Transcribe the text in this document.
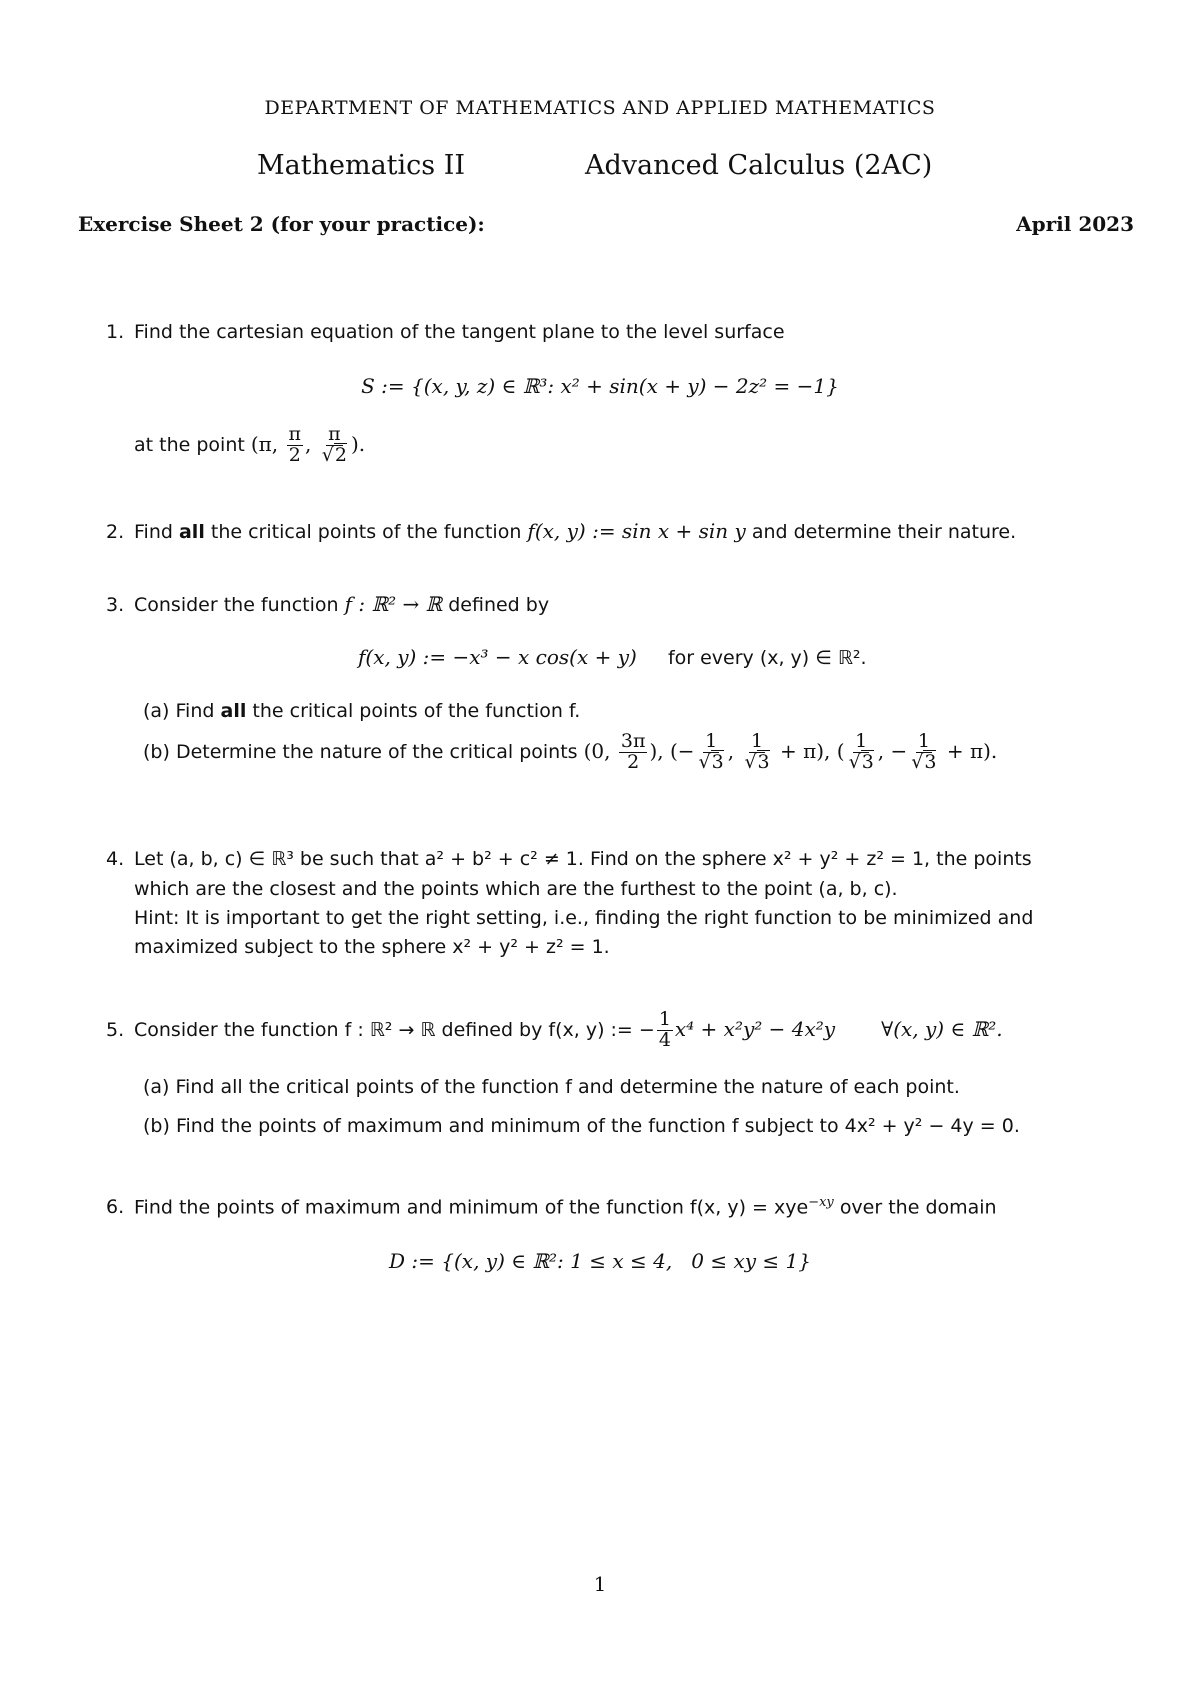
DEPARTMENT OF MATHEMATICS AND APPLIED MATHEMATICS
Mathematics II	Advanced Calculus (2AC)
Exercise Sheet 2 (for your practice):	April 2023
1. Find the cartesian equation of the tangent plane to the level surface
S := {(x, y, z) ∈ ℝ³: x² + sin(x + y) − 2z² = −1}
at the point (π, $\frac{\pi}{2}$ , $\frac{\pi}{√2}$ ).
2. Find all the critical points of the function f(x, y) := sin x + sin y and determine their nature.
3. Consider the function f : ℝ² → ℝ defined by
f(x, y) := −x³ − x cos(x + y) for every (x, y) ∈ ℝ².
(a) Find all the critical points of the function f.
(b) Determine the nature of the critical points (0, $\frac{3\pi}{2}$ ), (− $\frac{1}{√3}$ , $\frac{1}{√3} + \pi$), ( $\frac{1}{√3}$ , − $\frac{1}{√3} + \pi$).
4. Let (a, b, c) ∈ ℝ³ be such that a² + b² + c² ≠ 1. Find on the sphere x² + y² + z² = 1, the points
which are the closest and the points which are the furthest to the point (a, b, c).
Hint: It is important to get the right setting, i.e., finding the right function to be minimized and
maximized subject to the sphere x² + y² + z² = 1.
5. Consider the function f : ℝ² → ℝ defined by f(x, y) := − $\frac{1}{4} x^4 + x^2y^2 - 4x^2y$ ∀(x, y) ∈ ℝ².
(a) Find all the critical points of the function f and determine the nature of each point.
(b) Find the points of maximum and minimum of the function f subject to 4x² + y² − 4y = 0.
6. Find the points of maximum and minimum of the function f(x, y) = xye$^{-xy}$ over the domain
D := {(x, y) ∈ ℝ²: 1 ≤ x ≤ 4,   0 ≤ xy ≤ 1}
1
